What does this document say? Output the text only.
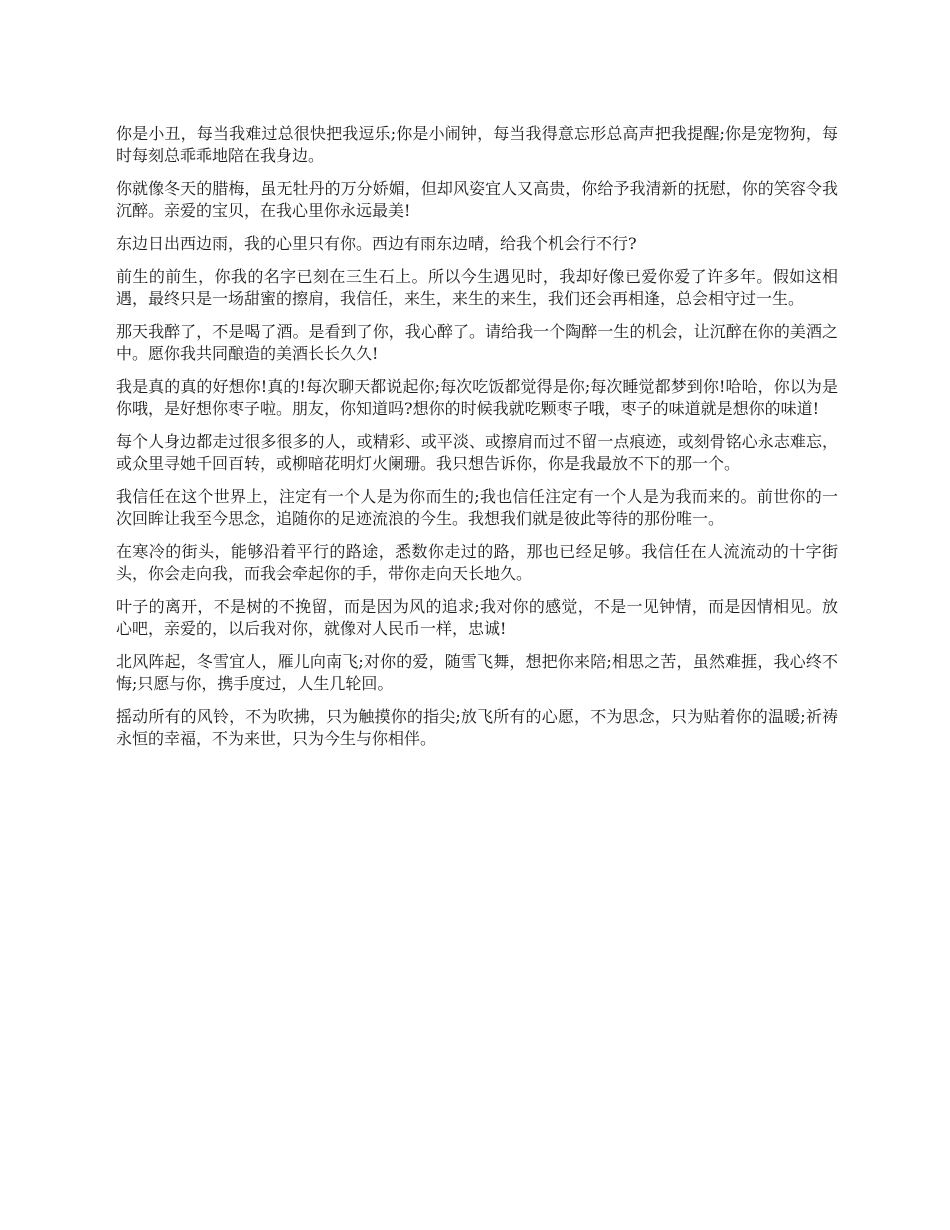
你是小丑，每当我难过总很快把我逗乐;你是小闹钟，每当我得意忘形总高声把我提醒;你是宠物狗，每时每刻总乖乖地陪在我身边。

你就像冬天的腊梅，虽无牡丹的万分娇媚，但却风姿宜人又高贵，你给予我清新的抚慰，你的笑容令我沉醉。亲爱的宝贝，在我心里你永远最美!

东边日出西边雨，我的心里只有你。西边有雨东边晴，给我个机会行不行?

前生的前生，你我的名字已刻在三生石上。所以今生遇见时，我却好像已爱你爱了许多年。假如这相遇，最终只是一场甜蜜的擦肩，我信任，来生，来生的来生，我们还会再相逢，总会相守过一生。

那天我醉了，不是喝了酒。是看到了你，我心醉了。请给我一个陶醉一生的机会，让沉醉在你的美酒之中。愿你我共同酿造的美酒长长久久!

我是真的真的好想你!真的!每次聊天都说起你;每次吃饭都觉得是你;每次睡觉都梦到你!哈哈，你以为是你哦，是好想你枣子啦。朋友，你知道吗?想你的时候我就吃颗枣子哦，枣子的味道就是想你的味道!

每个人身边都走过很多很多的人，或精彩、或平淡、或擦肩而过不留一点痕迹，或刻骨铭心永志难忘，或众里寻她千回百转，或柳暗花明灯火阑珊。我只想告诉你，你是我最放不下的那一个。

我信任在这个世界上，注定有一个人是为你而生的;我也信任注定有一个人是为我而来的。前世你的一次回眸让我至今思念，追随你的足迹流浪的今生。我想我们就是彼此等待的那份唯一。

在寒冷的街头，能够沿着平行的路途，悉数你走过的路，那也已经足够。我信任在人流流动的十字街头，你会走向我，而我会牵起你的手，带你走向天长地久。

叶子的离开，不是树的不挽留，而是因为风的追求;我对你的感觉，不是一见钟情，而是因情相见。放心吧，亲爱的，以后我对你，就像对人民币一样，忠诚!

北风阵起，冬雪宜人，雁儿向南飞;对你的爱，随雪飞舞，想把你来陪;相思之苦，虽然难捱，我心终不悔;只愿与你，携手度过，人生几轮回。

摇动所有的风铃，不为吹拂，只为触摸你的指尖;放飞所有的心愿，不为思念，只为贴着你的温暖;祈祷永恒的幸福，不为来世，只为今生与你相伴。
